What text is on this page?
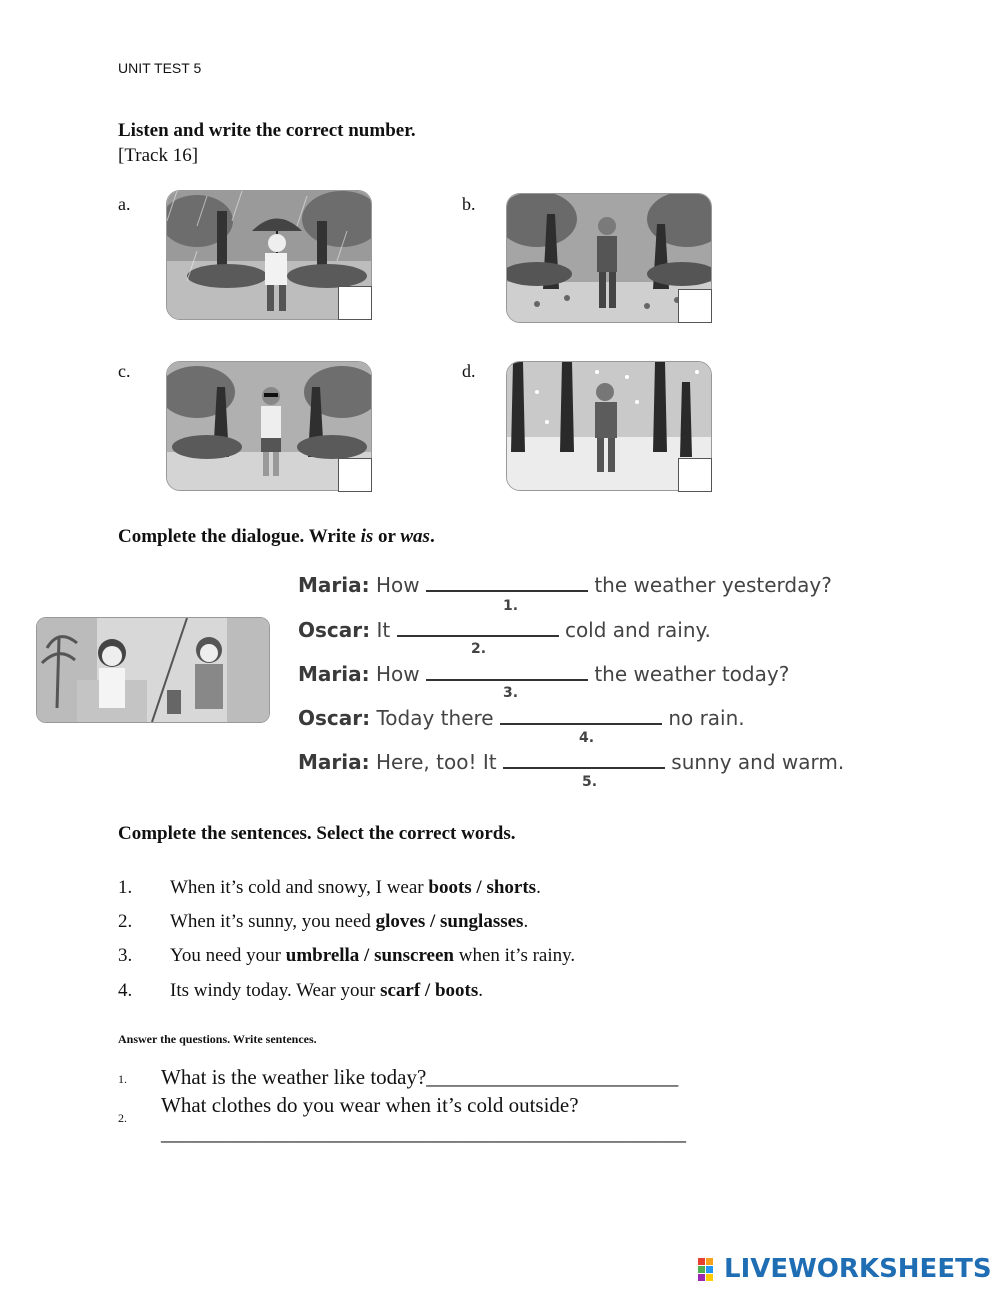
UNIT TEST 5
Listen and write the correct number.
[Track 16]
a.	b.
c.	d.
Complete the dialogue. Write is or was.
Maria: How	the weather yesterday?
1.
Oscar: It	cold and rainy.
2.
Maria: How	the weather today?
3.
Oscar: Today there	no rain.
4.
Maria: Here, too! It	sunny and warm.
5.
Complete the sentences. Select the correct words.
1. When it’s cold and snowy, I wear boots / shorts.
2. When it’s sunny, you need gloves / sunglasses.
3. You need your umbrella / sunscreen when it’s rainy.
4. Its windy today. Wear your scarf / boots.
Answer the questions. Write sentences.
1. What is the weather like today?________________________
2.
What clothes do you wear when it’s cold outside?
__________________________________________________
LIVEWORKSHEETS
